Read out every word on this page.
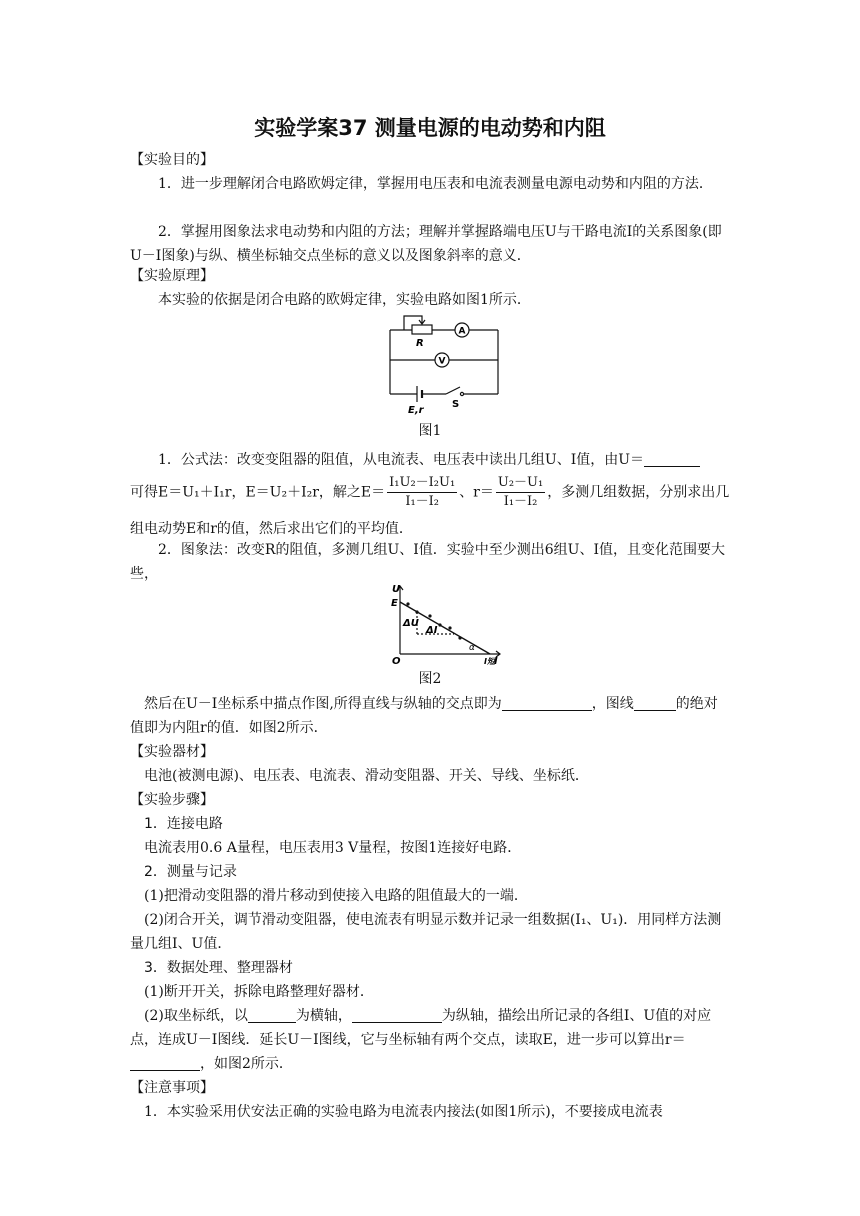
实验学案37 测量电源的电动势和内阻

【实验目的】

1．进一步理解闭合电路欧姆定律，掌握用电压表和电流表测量电源电动势和内阻的方法．

2．掌握用图象法求电动势和内阻的方法；理解并掌握路端电压U与干路电流I的关系图象(即U－I图象)与纵、横坐标轴交点坐标的意义以及图象斜率的意义．

【实验原理】

本实验的依据是闭合电路的欧姆定律，实验电路如图1所示．

R
A
V
E,r
S
图1

1．公式法：改变变阻器的阻值，从电流表、电压表中读出几组U、I值，由U＝

可得E＝U₁＋I₁r，E＝U₂＋I₂r，解之$E= \frac{\text{I₁U₂－I₂U₁}}{\text{I₁－I₂}}$ 、$r= \frac{\text{U₂－U₁}}{\text{I₁－I₂}}$ ，多测几组数据，分别求出几组电动势E和r的值，然后求出它们的平均值．

2．图象法：改变R的阻值，多测几组U、I值．实验中至少测出6组U、I值，且变化范围要大些，

U
E
O	I
ΔU
ΔI
α
I短
图2

然后在U－I坐标系中描点作图,所得直线与纵轴的交点即为	，图线	的绝对值即为内阻r的值．如图2所示．

【实验器材】

电池(被测电源)、电压表、电流表、滑动变阻器、开关、导线、坐标纸．

【实验步骤】

1．连接电路

电流表用0.6 A量程，电压表用3 V量程，按图1连接好电路．

2．测量与记录

(1)把滑动变阻器的滑片移动到使接入电路的阻值最大的一端．

(2)闭合开关，调节滑动变阻器，使电流表有明显示数并记录一组数据(I₁、U₁)．用同样方法测量几组I、U值．

3．数据处理、整理器材

(1)断开开关，拆除电路整理好器材．

(2)取坐标纸，以	为横轴，	为纵轴，描绘出所记录的各组I、U值的对应点，连成U－I图线．延长U－I图线，它与坐标轴有两个交点，读取E，进一步可以算出r＝，如图2所示．

【注意事项】

1．本实验采用伏安法正确的实验电路为电流表内接法(如图1所示)，不要接成电流表
